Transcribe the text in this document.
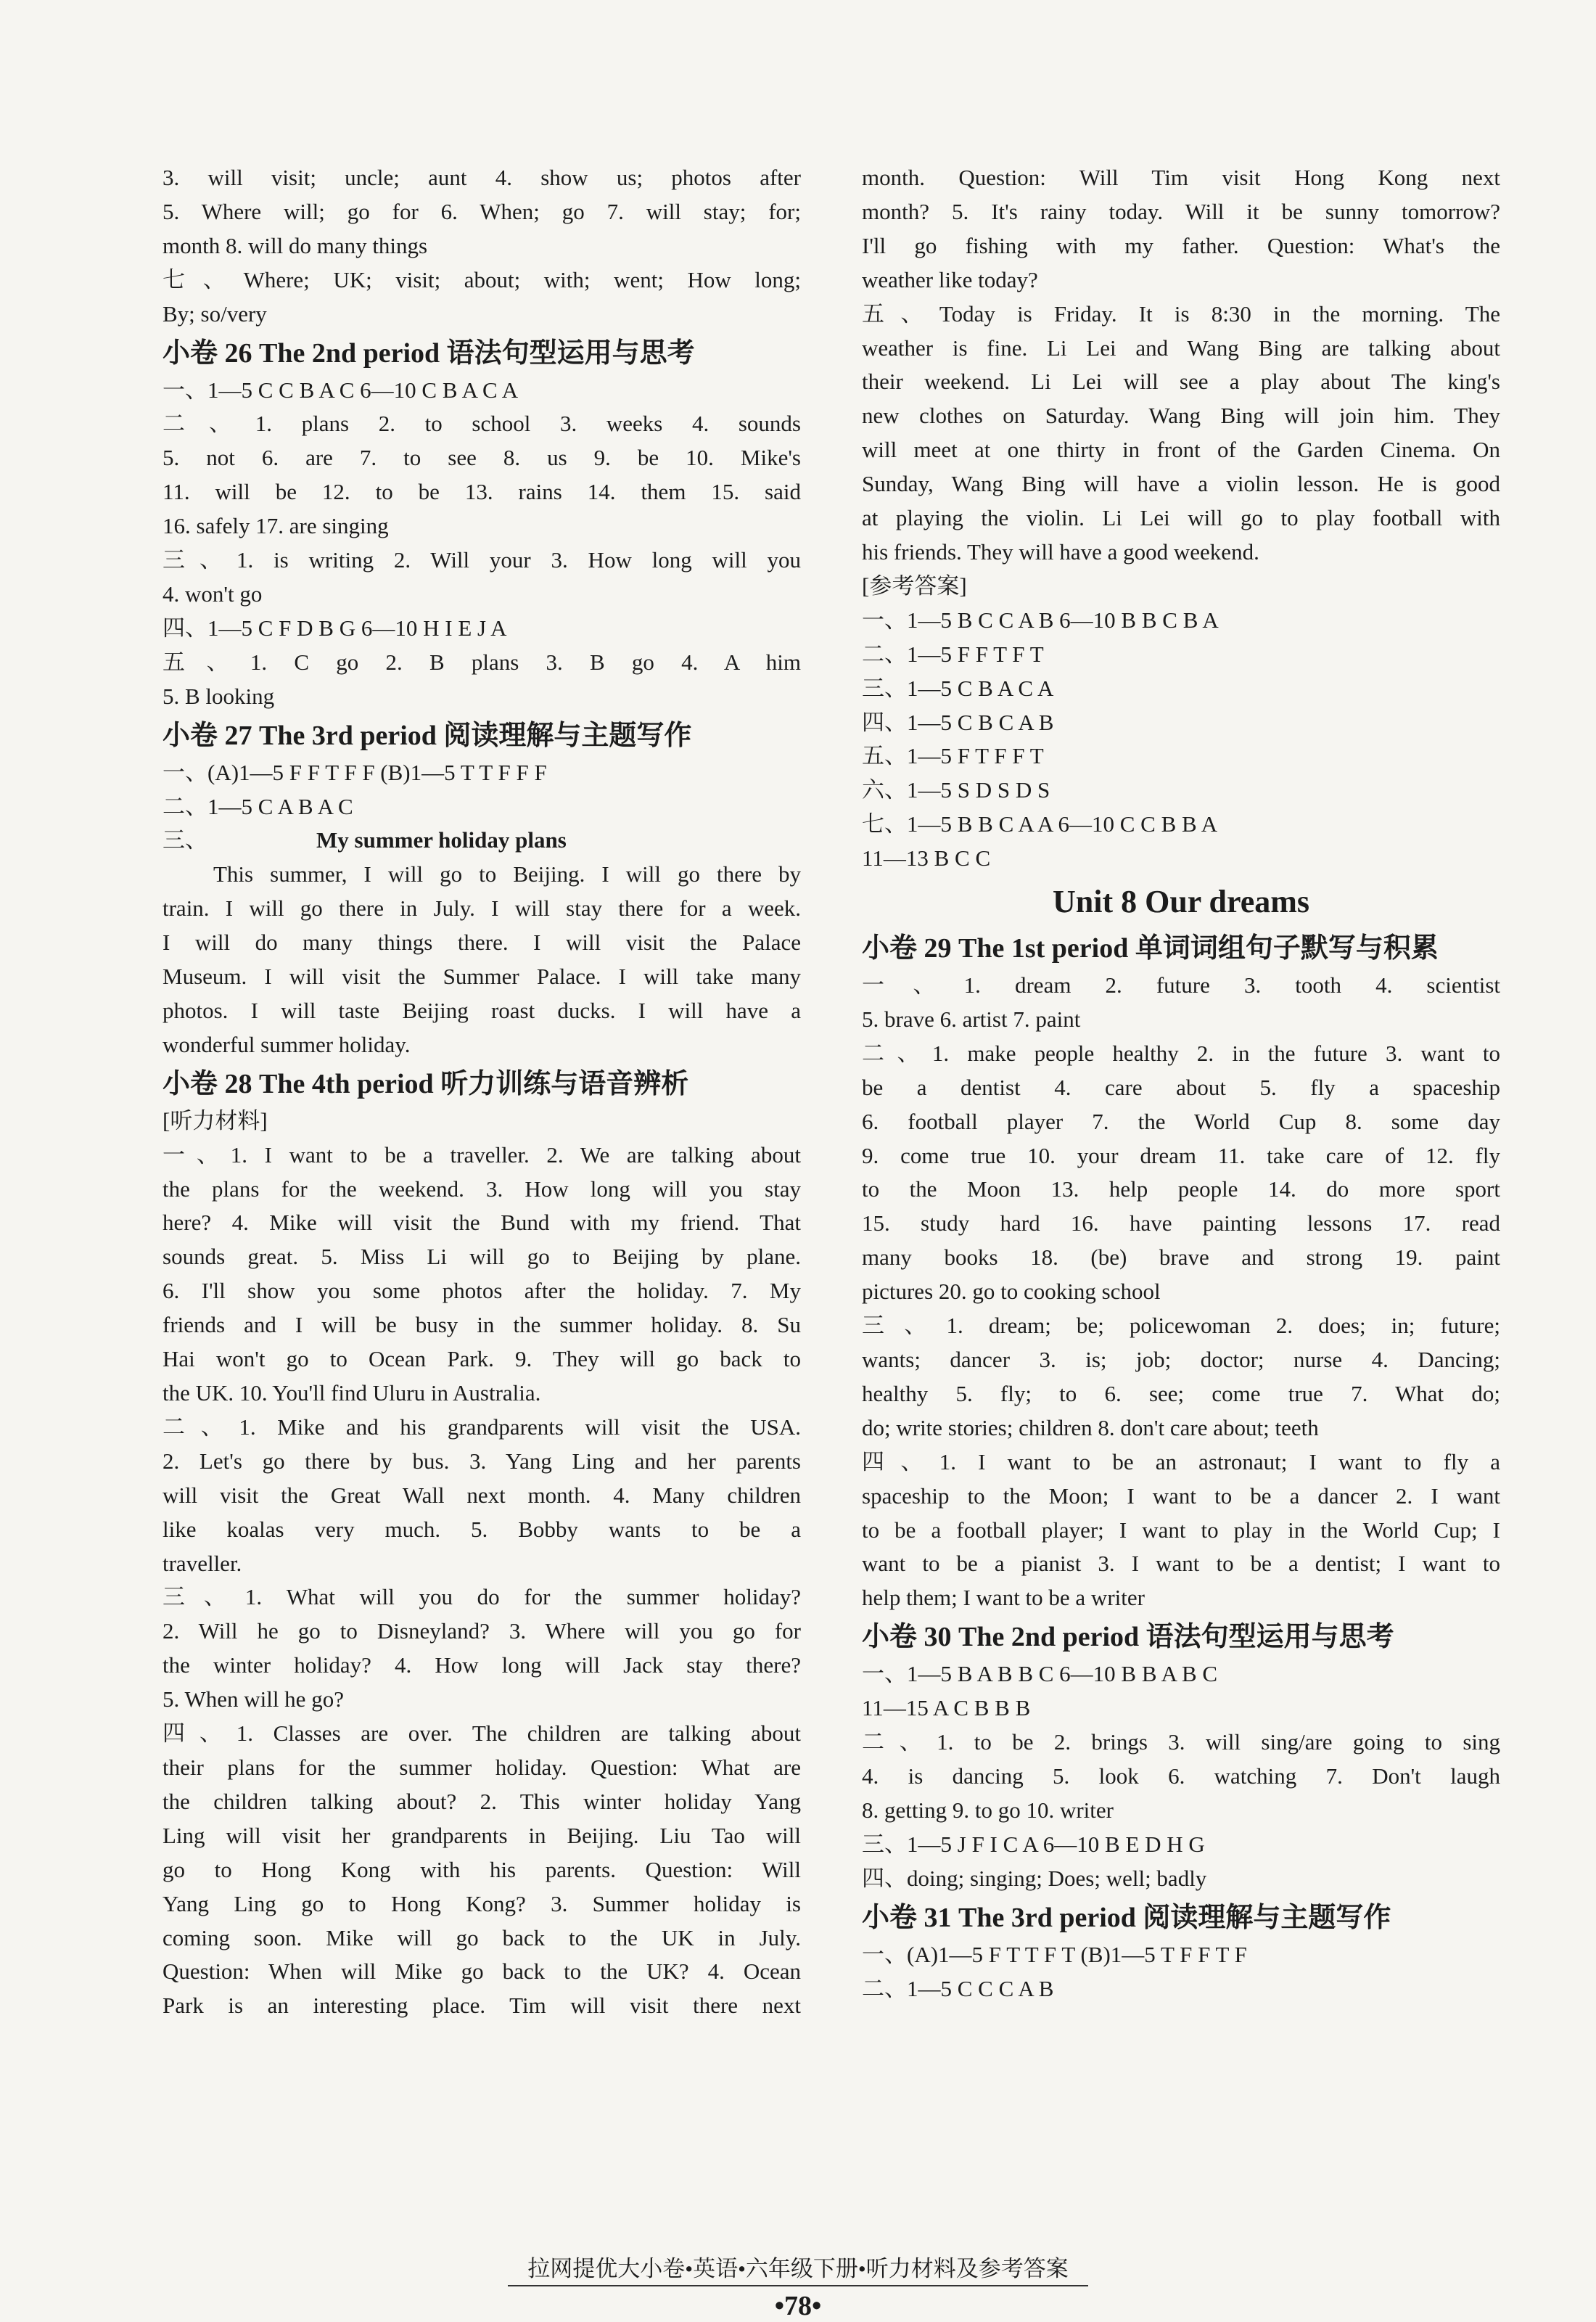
3. will visit; uncle; aunt 4. show us; photos after
5. Where will; go for 6. When; go 7. will stay; for;
month 8. will do many things
七、Where; UK; visit; about; with; went; How long;
By; so/very
小卷 26 The 2nd period 语法句型运用与思考
一、1—5 C C B A C 6—10 C B A C A
二、1. plans 2. to school 3. weeks 4. sounds
5. not 6. are 7. to see 8. us 9. be 10. Mike's
11. will be 12. to be 13. rains 14. them 15. said
16. safely 17. are singing
三、1. is writing 2. Will your 3. How long will you
4. won't go
四、1—5 C F D B G 6—10 H I E J A
五、1. C go 2. B plans 3. B go 4. A him
5. B looking
小卷 27 The 3rd period 阅读理解与主题写作
一、(A)1—5 F F T F F (B)1—5 T T F F F
二、1—5 C A B A C
三、	My summer holiday plans
This summer, I will go to Beijing. I will go there by
train. I will go there in July. I will stay there for a week.
I will do many things there. I will visit the Palace
Museum. I will visit the Summer Palace. I will take many
photos. I will taste Beijing roast ducks. I will have a
wonderful summer holiday.
小卷 28 The 4th period 听力训练与语音辨析
[听力材料]
一、1. I want to be a traveller. 2. We are talking about
the plans for the weekend. 3. How long will you stay
here? 4. Mike will visit the Bund with my friend. That
sounds great. 5. Miss Li will go to Beijing by plane.
6. I'll show you some photos after the holiday. 7. My
friends and I will be busy in the summer holiday. 8. Su
Hai won't go to Ocean Park. 9. They will go back to
the UK. 10. You'll find Uluru in Australia.
二、1. Mike and his grandparents will visit the USA.
2. Let's go there by bus. 3. Yang Ling and her parents
will visit the Great Wall next month. 4. Many children
like koalas very much. 5. Bobby wants to be a
traveller.
三、1. What will you do for the summer holiday?
2. Will he go to Disneyland? 3. Where will you go for
the winter holiday? 4. How long will Jack stay there?
5. When will he go?
四、1. Classes are over. The children are talking about
their plans for the summer holiday. Question: What are
the children talking about? 2. This winter holiday Yang
Ling will visit her grandparents in Beijing. Liu Tao will
go to Hong Kong with his parents. Question: Will
Yang Ling go to Hong Kong? 3. Summer holiday is
coming soon. Mike will go back to the UK in July.
Question: When will Mike go back to the UK? 4. Ocean
Park is an interesting place. Tim will visit there next
month. Question: Will Tim visit Hong Kong next
month? 5. It's rainy today. Will it be sunny tomorrow?
I'll go fishing with my father. Question: What's the
weather like today?
五、Today is Friday. It is 8:30 in the morning. The
weather is fine. Li Lei and Wang Bing are talking about
their weekend. Li Lei will see a play about The king's
new clothes on Saturday. Wang Bing will join him. They
will meet at one thirty in front of the Garden Cinema. On
Sunday, Wang Bing will have a violin lesson. He is good
at playing the violin. Li Lei will go to play football with
his friends. They will have a good weekend.
[参考答案]
一、1—5 B C C A B 6—10 B B C B A
二、1—5 F F T F T
三、1—5 C B A C A
四、1—5 C B C A B
五、1—5 F T F F T
六、1—5 S D S D S
七、1—5 B B C A A 6—10 C C B B A
11—13 B C C
Unit 8 Our dreams
小卷 29 The 1st period 单词词组句子默写与积累
一、1. dream 2. future 3. tooth 4. scientist
5. brave 6. artist 7. paint
二、1. make people healthy 2. in the future 3. want to
be a dentist 4. care about 5. fly a spaceship
6. football player 7. the World Cup 8. some day
9. come true 10. your dream 11. take care of 12. fly
to the Moon 13. help people 14. do more sport
15. study hard 16. have painting lessons 17. read
many books 18. (be) brave and strong 19. paint
pictures 20. go to cooking school
三、1. dream; be; policewoman 2. does; in; future;
wants; dancer 3. is; job; doctor; nurse 4. Dancing;
healthy 5. fly; to 6. see; come true 7. What do;
do; write stories; children 8. don't care about; teeth
四、1. I want to be an astronaut; I want to fly a
spaceship to the Moon; I want to be a dancer 2. I want
to be a football player; I want to play in the World Cup; I
want to be a pianist 3. I want to be a dentist; I want to
help them; I want to be a writer
小卷 30 The 2nd period 语法句型运用与思考
一、1—5 B A B B C 6—10 B B A B C
11—15 A C B B B
二、1. to be 2. brings 3. will sing/are going to sing
4. is dancing 5. look 6. watching 7. Don't laugh
8. getting 9. to go 10. writer
三、1—5 J F I C A 6—10 B E D H G
四、doing; singing; Does; well; badly
小卷 31 The 3rd period 阅读理解与主题写作
一、(A)1—5 F T T F T (B)1—5 T F F T F
二、1—5 C C C A B
拉网提优大小卷•英语•六年级下册•听力材料及参考答案
•78•
